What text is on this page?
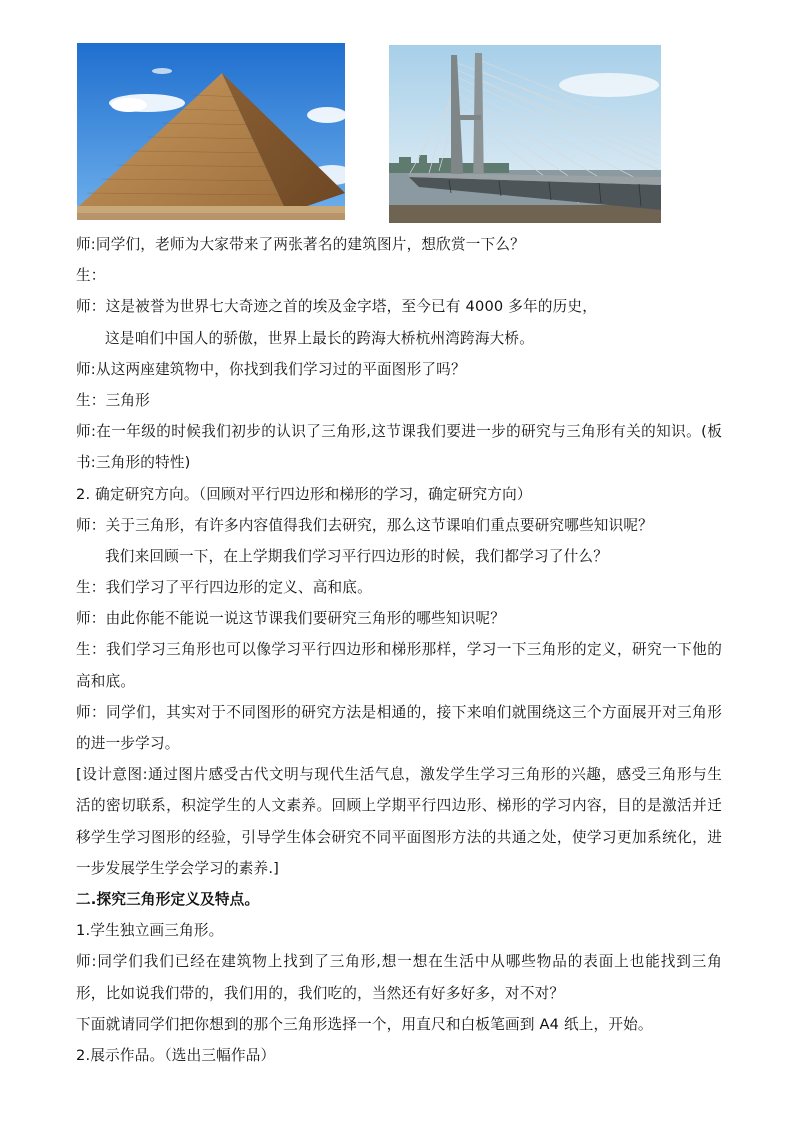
师:同学们，老师为大家带来了两张著名的建筑图片，想欣赏一下么？
生：
师：这是被誉为世界七大奇迹之首的埃及金字塔，至今已有 4000 多年的历史，
这是咱们中国人的骄傲，世界上最长的跨海大桥杭州湾跨海大桥。
师:从这两座建筑物中，你找到我们学习过的平面图形了吗？
生：三角形
师:在一年级的时候我们初步的认识了三角形,这节课我们要进一步的研究与三角形有关的知识。(板书:三角形的特性)
2. 确定研究方向。（回顾对平行四边形和梯形的学习，确定研究方向）
师：关于三角形，有许多内容值得我们去研究，那么这节课咱们重点要研究哪些知识呢？
我们来回顾一下，在上学期我们学习平行四边形的时候，我们都学习了什么？
生：我们学习了平行四边形的定义、高和底。
师：由此你能不能说一说这节课我们要研究三角形的哪些知识呢？
生：我们学习三角形也可以像学习平行四边形和梯形那样，学习一下三角形的定义，研究一下他的高和底。
师：同学们，其实对于不同图形的研究方法是相通的，接下来咱们就围绕这三个方面展开对三角形的进一步学习。
[设计意图:通过图片感受古代文明与现代生活气息，激发学生学习三角形的兴趣，感受三角形与生活的密切联系，积淀学生的人文素养。回顾上学期平行四边形、梯形的学习内容，目的是激活并迁移学生学习图形的经验，引导学生体会研究不同平面图形方法的共通之处，使学习更加系统化，进一步发展学生学会学习的素养.]
二.探究三角形定义及特点。
1.学生独立画三角形。
师:同学们我们已经在建筑物上找到了三角形,想一想在生活中从哪些物品的表面上也能找到三角形，比如说我们带的，我们用的，我们吃的，当然还有好多好多，对不对？
下面就请同学们把你想到的那个三角形选择一个，用直尺和白板笔画到 A4 纸上，开始。
2.展示作品。（选出三幅作品）
